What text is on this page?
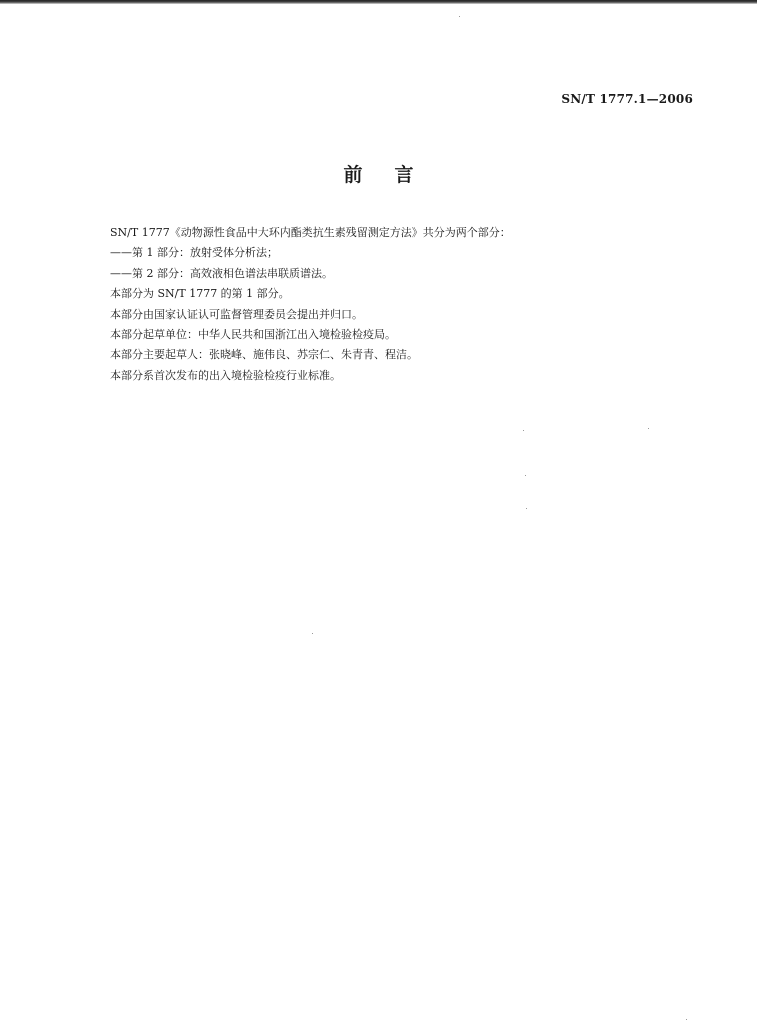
SN/T 1777.1—2006
前 言
SN/T 1777《动物源性食品中大环内酯类抗生素残留测定方法》共分为两个部分：
——第 1 部分：放射受体分析法；
——第 2 部分：高效液相色谱法串联质谱法。
本部分为 SN/T 1777 的第 1 部分。
本部分由国家认证认可监督管理委员会提出并归口。
本部分起草单位：中华人民共和国浙江出入境检验检疫局。
本部分主要起草人：张晓峰、施伟良、苏宗仁、朱青青、程洁。
本部分系首次发布的出入境检验检疫行业标准。
